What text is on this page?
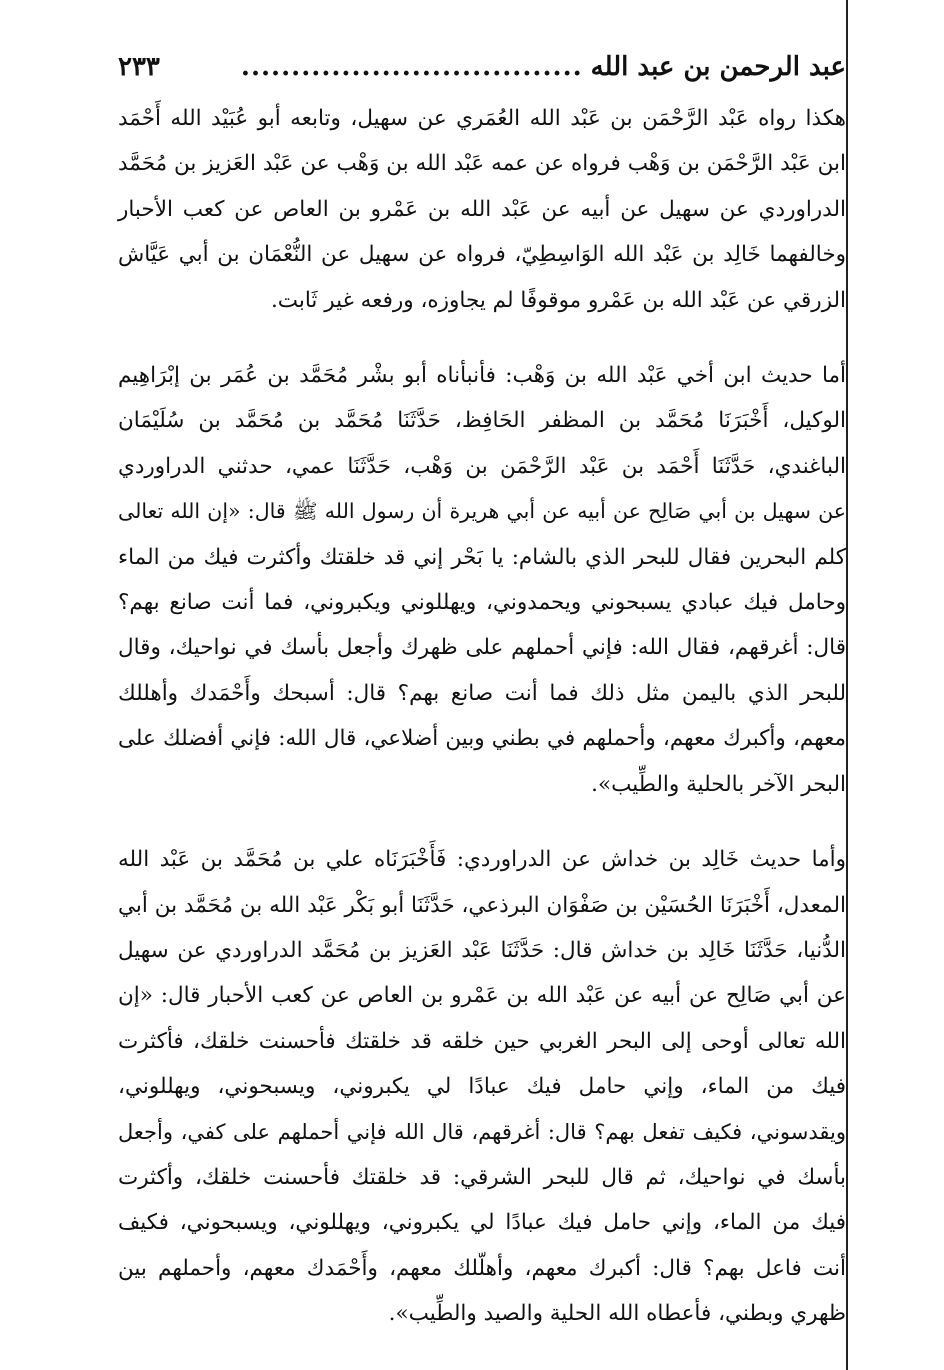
عبد الرحمن بن عبد الله
..................................
٢٣٣
هكذا رواه عَبْد الرَّحْمَن بن عَبْد الله العُمَري عن سهيل، وتابعه أبو عُبَيْد الله أَحْمَد
ابن عَبْد الرَّحْمَن بن وَهْب فرواه عن عمه عَبْد الله بن وَهْب عن عَبْد العَزيز بن مُحَمَّد
الدراوردي عن سهيل عن أبيه عن عَبْد الله بن عَمْرو بن العاص عن كعب الأحبار
وخالفهما خَالِد بن عَبْد الله الوَاسِطِيّ، فرواه عن سهيل عن النُّعْمَان بن أبي عَيَّاش
الزرقي عن عَبْد الله بن عَمْرو موقوفًا لم يجاوزه، ورفعه غير ثَابت.
أما حديث ابن أخي عَبْد الله بن وَهْب: فأنبأناه أبو بشْر مُحَمَّد بن عُمَر بن إبْرَاهِيم
الوكيل، أَخْبَرَنَا مُحَمَّد بن المظفر الحَافِظ، حَدَّثَنَا مُحَمَّد بن مُحَمَّد بن سُلَيْمَان
الباغندي، حَدَّثَنَا أَحْمَد بن عَبْد الرَّحْمَن بن وَهْب، حَدَّثَنَا عمي، حدثني الدراوردي
عن سهيل بن أبي صَالِح عن أبيه عن أبي هريرة أن رسول الله ﷺ قال: «إن الله تعالى
كلم البحرين فقال للبحر الذي بالشام: يا بَحْر إني قد خلقتك وأكثرت فيك من الماء
وحامل فيك عبادي يسبحوني ويحمدوني، ويهللوني ويكبروني، فما أنت صانع بهم؟
قال: أغرقهم، فقال الله: فإني أحملهم على ظهرك وأجعل بأسك في نواحيك، وقال
للبحر الذي باليمن مثل ذلك فما أنت صانع بهم؟ قال: أسبحك وأَحْمَدك وأهللك
معهم، وأكبرك معهم، وأحملهم في بطني وبين أضلاعي، قال الله: فإني أفضلك على
البحر الآخر بالحلية والطِّيب».
وأما حديث خَالِد بن خداش عن الدراوردي: فَأَخْبَرَنَاه علي بن مُحَمَّد بن عَبْد الله
المعدل، أَخْبَرَنَا الحُسَيْن بن صَفْوَان البرذعي، حَدَّثَنَا أبو بَكْر عَبْد الله بن مُحَمَّد بن أبي
الدُّنيا، حَدَّثَنَا خَالِد بن خداش قال: حَدَّثَنَا عَبْد العَزيز بن مُحَمَّد الدراوردي عن سهيل
عن أبي صَالِح عن أبيه عن عَبْد الله بن عَمْرو بن العاص عن كعب الأحبار قال: «إن
الله تعالى أوحى إلى البحر الغربي حين خلقه قد خلقتك فأحسنت خلقك، فأكثرت
فيك من الماء، وإني حامل فيك عبادًا لي يكبروني، ويسبحوني، ويهللوني،
ويقدسوني، فكيف تفعل بهم؟ قال: أغرقهم، قال الله فإني أحملهم على كفي، وأجعل
بأسك في نواحيك، ثم قال للبحر الشرقي: قد خلقتك فأحسنت خلقك، وأكثرت
فيك من الماء، وإني حامل فيك عبادًا لي يكبروني، ويهللوني، ويسبحوني، فكيف
أنت فاعل بهم؟ قال: أكبرك معهم، وأهلّلك معهم، وأَحْمَدك معهم، وأحملهم بين
ظهري وبطني، فأعطاه الله الحلية والصيد والطِّيب».
